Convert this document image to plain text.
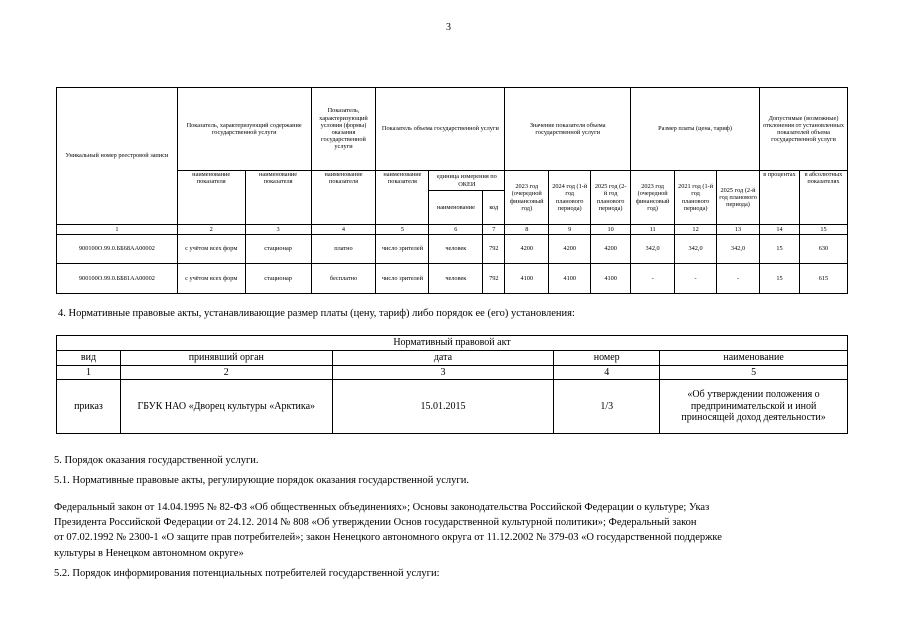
3
Уникальный номер реестровой записи	Показатель, характеризующий содержание государственной услуги		Показатель, характеризующий условия (формы) оказания государственной услуги	Показатель объема государственной услуги			Значение показателя объема государственной услуги			Размер платы (цена, тариф)			Допустимые (возможные) отклонения от установленных показателей объема государственной услуги	
	наименование показателя	наименование показателя	наименование показателя	наименование показателя	единица измерения по ОКЕИ		2023 год (очередной финансовый год)	2024 год (1-й год планового периода)	2025 год (2-й год планового периода)	2023 год (очередной финансовый год)	2021 год (1-й год планового периода)	2025 год (2-й год планового периода)	в процентах	в абсолютных показателях
					наименование	код								
1	2	3	4	5	6	7	8	9	10	11	12	13	14	15
900100О.99.0.ББ68АА00002	с учётом всех форм	стационар	платно	число зрителей	человек	792	4200	4200	4200	342,0	342,0	342,0	15	630
900100О.99.0.ББ81АА00002	с учётом всех форм	стационар	бесплатно	число зрителей	человек	792	4100	4100	4100	-	-	-	15	615
4. Нормативные правовые акты, устанавливающие размер платы (цену, тариф) либо порядок ее (его) установления:
Нормативный правовой акт				
вид	принявший орган	дата	номер	наименование
1	2	3	4	5
приказ	ГБУК НАО «Дворец культуры «Арктика»	15.01.2015	1/3	«Об утверждении положения о предпринимательской и иной приносящей доход деятельности»
5. Порядок оказания государственной услуги.
5.1. Нормативные правовые акты, регулирующие порядок оказания государственной услуги.
Федеральный закон от 14.04.1995 № 82-ФЗ «Об общественных объединениях»; Основы законодательства Российской Федерации о культуре; Указ
Президента Российской Федерации от 24.12. 2014 № 808 «Об утверждении Основ государственной культурной политики»; Федеральный закон
от 07.02.1992 № 2300-1 «О защите прав потребителей»; закон Ненецкого автономного округа от 11.12.2002 № 379-03 «О государственной поддержке
культуры в Ненецком автономном округе»
5.2. Порядок информирования потенциальных потребителей государственной услуги:
